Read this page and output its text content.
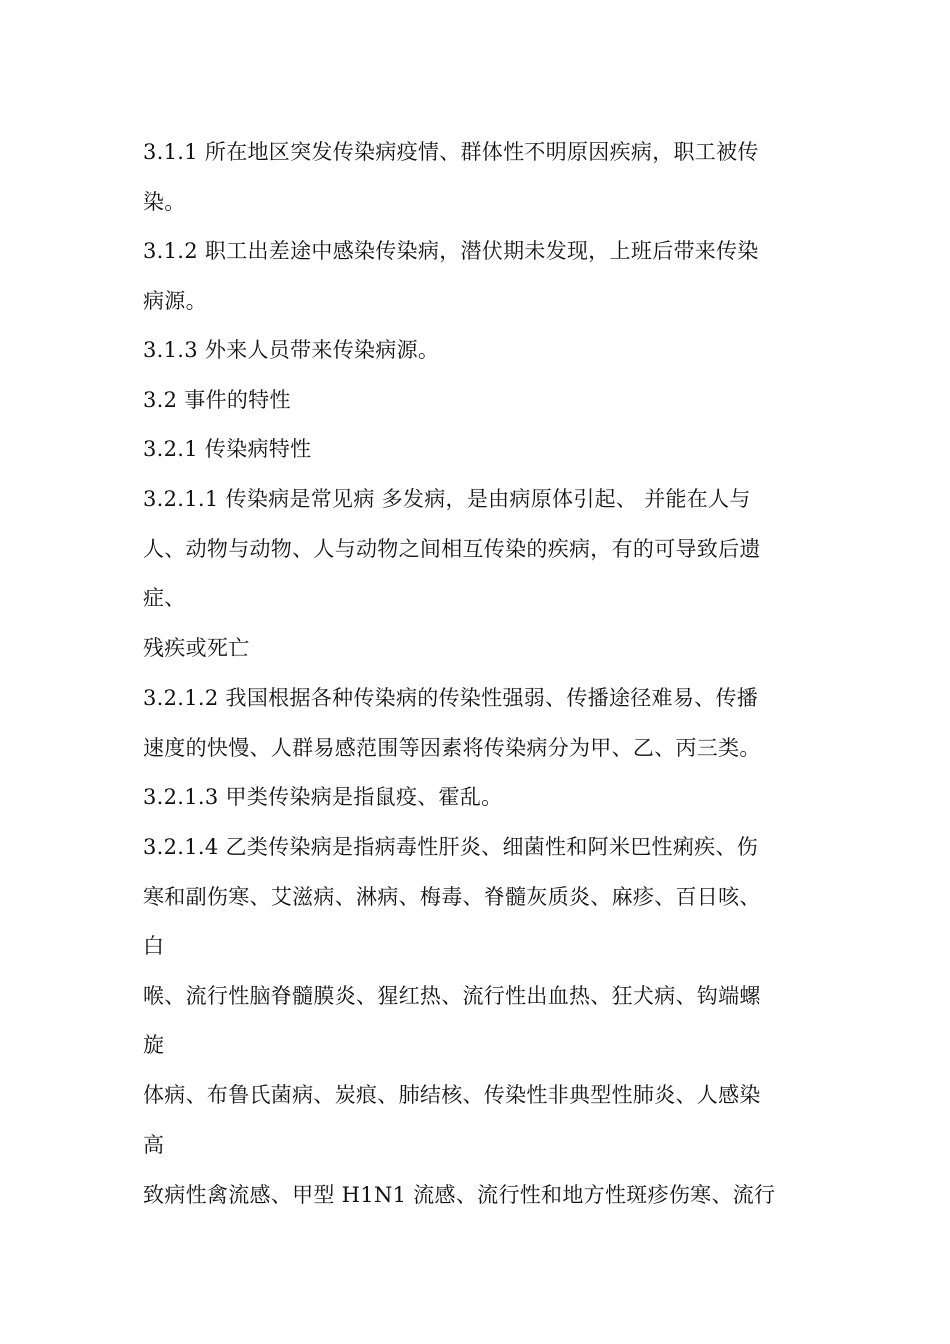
3.1.1 所在地区突发传染病疫情、群体性不明原因疾病，职工被传
染。
3.1.2 职工出差途中感染传染病，潜伏期未发现，上班后带来传染
病源。
3.1.3 外来人员带来传染病源。
3.2 事件的特性
3.2.1 传染病特性
3.2.1.1 传染病是常见病 多发病，是由病原体引起、 并能在人与
人、动物与动物、人与动物之间相互传染的疾病，有的可导致后遗
症、
残疾或死亡
3.2.1.2 我国根据各种传染病的传染性强弱、传播途径难易、传播
速度的快慢、人群易感范围等因素将传染病分为甲、乙、丙三类。
3.2.1.3 甲类传染病是指鼠疫、霍乱。
3.2.1.4 乙类传染病是指病毒性肝炎、细菌性和阿米巴性痢疾、伤
寒和副伤寒、艾滋病、淋病、梅毒、脊髓灰质炎、麻疹、百日咳、
白
喉、流行性脑脊髓膜炎、猩红热、流行性出血热、狂犬病、钩端螺
旋
体病、布鲁氏菌病、炭痕、肺结核、传染性非典型性肺炎、人感染
高
致病性禽流感、甲型 H1N1 流感、流行性和地方性斑疹伤寒、流行
